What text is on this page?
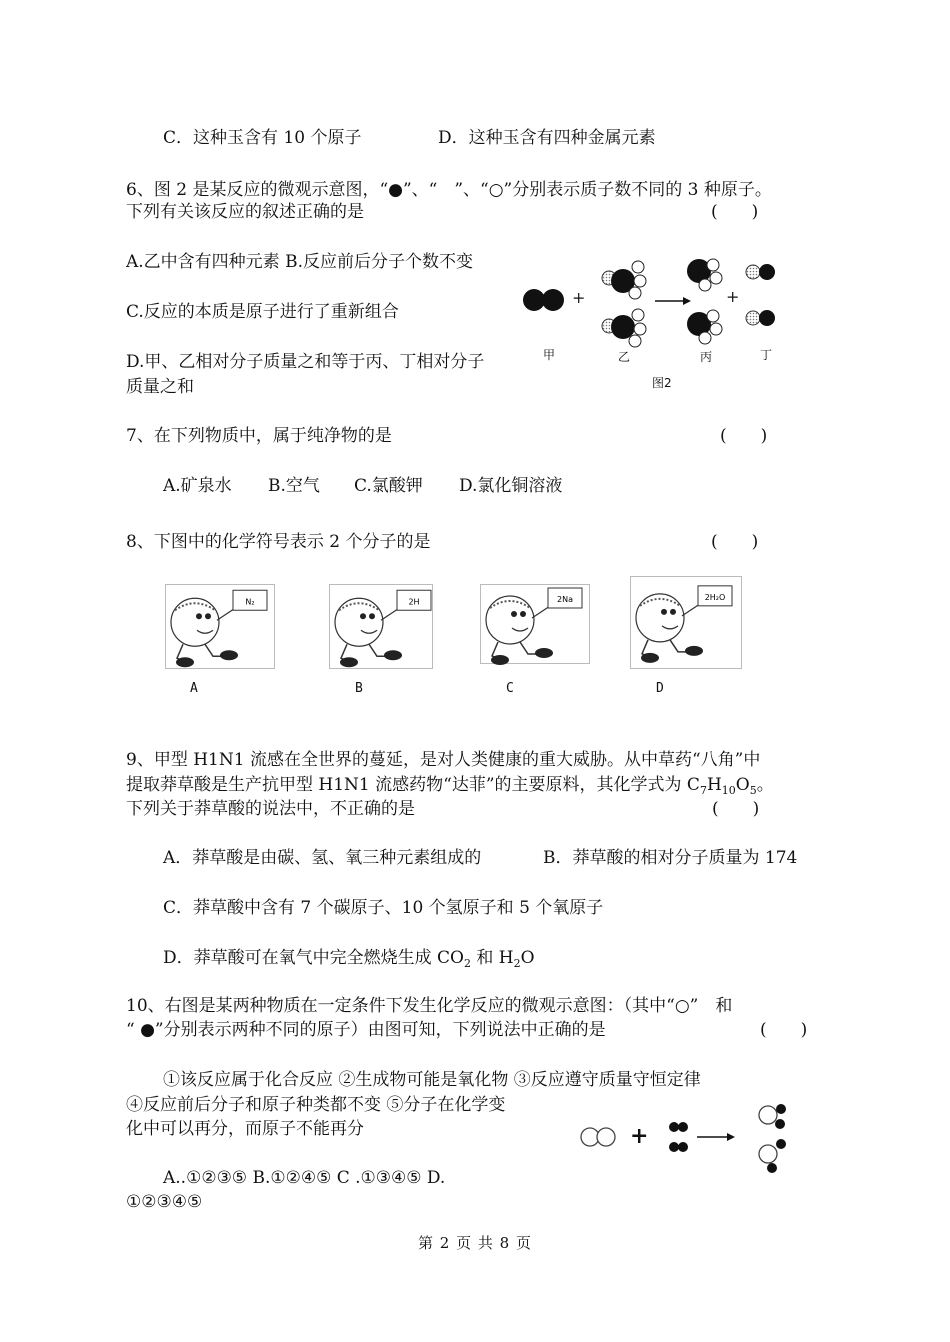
C．这种玉含有 10 个原子	D．这种玉含有四种金属元素
6、图 2 是某反应的微观示意图，“●”、“　”、“○”分别表示质子数不同的 3 种原子。
下列有关该反应的叙述正确的是	(　　)
A.乙中含有四种元素 B.反应前后分子个数不变
C.反应的本质是原子进行了重新组合
D.甲、乙相对分子质量之和等于丙、丁相对分子
质量之和
+	+
甲	乙	丙	丁
图2
7、在下列物质中，属于纯净物的是	(　　)
A.矿泉水 B.空气 C.氯酸钾 D.氯化铜溶液
8、下图中的化学符号表示 2 个分子的是	(　　)
N₂	2H	2Na	2H₂O
A	B	C	D
9、甲型 H1N1 流感在全世界的蔓延，是对人类健康的重大威胁。从中草药“八角”中
提取莽草酸是生产抗甲型 H1N1 流感药物“达菲”的主要原料，其化学式为 $C_7H_{10}O_5$。
下列关于莽草酸的说法中，不正确的是	(　　)
A．莽草酸是由碳、氢、氧三种元素组成的	B．莽草酸的相对分子质量为 174
C．莽草酸中含有 7 个碳原子、10 个氢原子和 5 个氧原子
D．莽草酸可在氧气中完全燃烧生成 $CO_2$ 和 $H_2O$
10、右图是某两种物质在一定条件下发生化学反应的微观示意图：（其中“○”　和
“ ●”分别表示两种不同的原子）由图可知，下列说法中正确的是	(　　)
①该反应属于化合反应 ②生成物可能是氧化物 ③反应遵守质量守恒定律
④反应前后分子和原子种类都不变 ⑤分子在化学变
化中可以再分，而原子不能再分
A..①②③⑤ B.①②④⑤ C .①③④⑤ D.
①②③④⑤
+
第 2 页 共 8 页
